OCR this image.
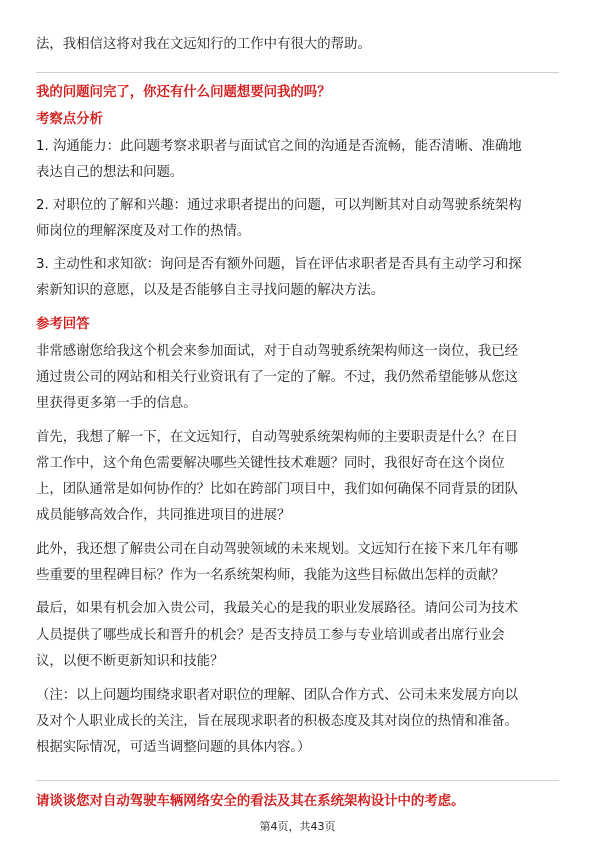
法，我相信这将对我在文远知行的工作中有很大的帮助。
我的问题问完了，你还有什么问题想要问我的吗？
考察点分析
1. 沟通能力：此问题考察求职者与面试官之间的沟通是否流畅，能否清晰、准确地
表达自己的想法和问题。
2. 对职位的了解和兴趣：通过求职者提出的问题，可以判断其对自动驾驶系统架构
师岗位的理解深度及对工作的热情。
3. 主动性和求知欲：询问是否有额外问题，旨在评估求职者是否具有主动学习和探
索新知识的意愿，以及是否能够自主寻找问题的解决方法。
参考回答
非常感谢您给我这个机会来参加面试，对于自动驾驶系统架构师这一岗位，我已经
通过贵公司的网站和相关行业资讯有了一定的了解。不过，我仍然希望能够从您这
里获得更多第一手的信息。
首先，我想了解一下，在文远知行，自动驾驶系统架构师的主要职责是什么？在日
常工作中，这个角色需要解决哪些关键性技术难题？同时，我很好奇在这个岗位
上，团队通常是如何协作的？比如在跨部门项目中，我们如何确保不同背景的团队
成员能够高效合作，共同推进项目的进展？
此外，我还想了解贵公司在自动驾驶领域的未来规划。文远知行在接下来几年有哪
些重要的里程碑目标？作为一名系统架构师，我能为这些目标做出怎样的贡献？
最后，如果有机会加入贵公司，我最关心的是我的职业发展路径。请问公司为技术
人员提供了哪些成长和晋升的机会？是否支持员工参与专业培训或者出席行业会
议，以便不断更新知识和技能？
（注：以上问题均围绕求职者对职位的理解、团队合作方式、公司未来发展方向以
及对个人职业成长的关注，旨在展现求职者的积极态度及其对岗位的热情和准备。
根据实际情况，可适当调整问题的具体内容。）
请谈谈您对自动驾驶车辆网络安全的看法及其在系统架构设计中的考虑。
第4页，共43页
